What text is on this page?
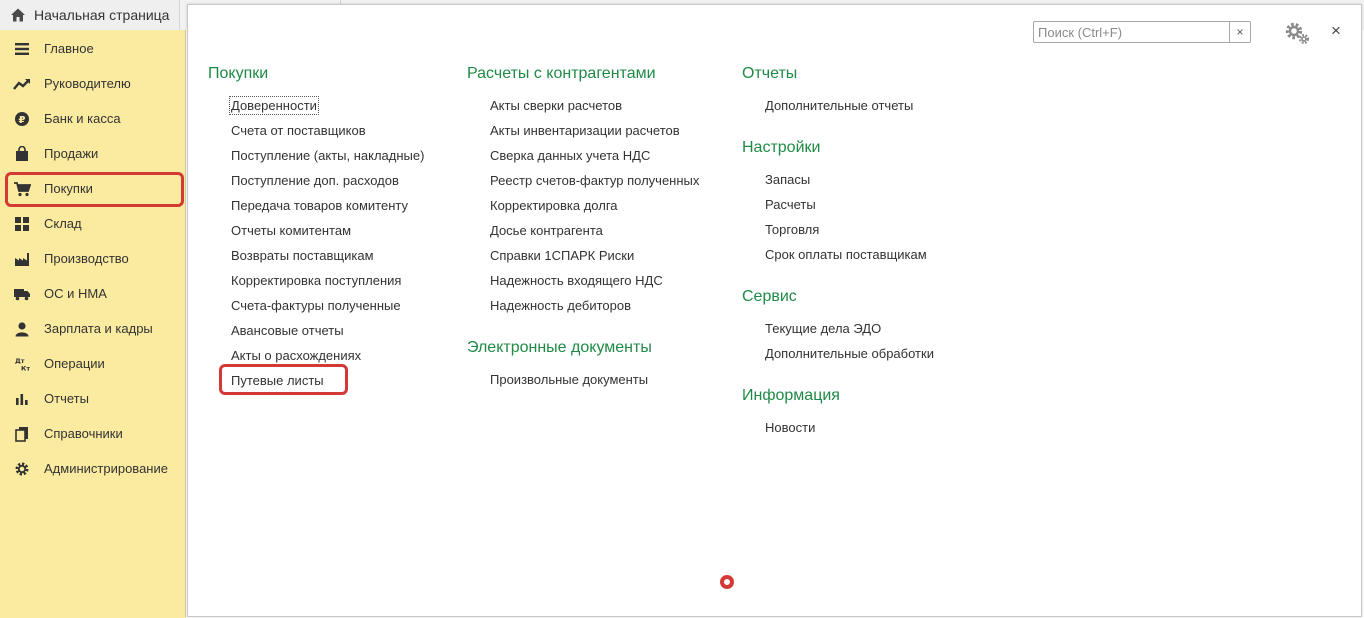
Начальная страница
Главное
Руководителю
₽ Банк и касса
Продажи
Покупки
Склад
Производство
ОС и НМА
Зарплата и кадры
Дт
Кт Операции
Отчеты
Справочники
Администрирование
Поиск (Ctrl+F)
×	×
Покупки
Доверенности
Счета от поставщиков
Поступление (акты, накладные)
Поступление доп. расходов
Передача товаров комитенту
Отчеты комитентам
Возвраты поставщикам
Корректировка поступления
Счета-фактуры полученные
Авансовые отчеты
Акты о расхождениях
Путевые листы
Расчеты с контрагентами
Акты сверки расчетов
Акты инвентаризации расчетов
Сверка данных учета НДС
Реестр счетов-фактур полученных
Корректировка долга
Досье контрагента
Справки 1СПАРК Риски
Надежность входящего НДС
Надежность дебиторов
Электронные документы
Произвольные документы
Отчеты
Дополнительные отчеты
Настройки
Запасы
Расчеты
Торговля
Срок оплаты поставщикам
Сервис
Текущие дела ЭДО
Дополнительные обработки
Информация
Новости
